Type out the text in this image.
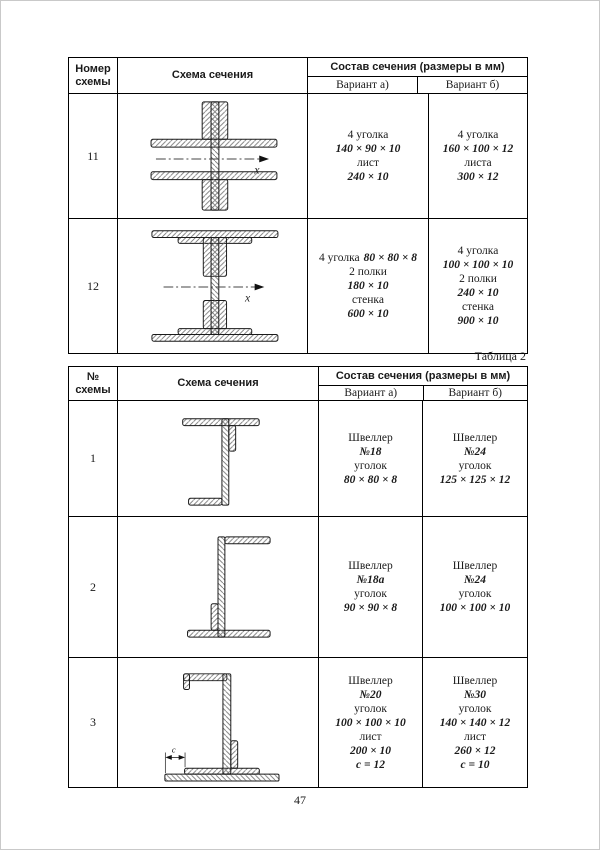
Номер
схемы
Схема сечения
Состав сечения (размеры в мм)
Вариант а)	Вариант б)
11
x
4 уголка
140 × 90 × 10
лист
240 × 10
4 уголка
160 × 100 × 12
листа
300 × 12
12
x
4 уголка 80 × 80 × 8
2 полки
180 × 10
стенка
600 × 10
4 уголка
100 × 100 × 10
2 полки
240 × 10
стенка
900 × 10
Таблица 2
№
схемы
Схема сечения
Состав сечения (размеры в мм)
Вариант а)	Вариант б)
1
Швеллер
№18
уголок
80 × 80 × 8
Швеллер
№24
уголок
125 × 125 × 12
2
Швеллер
№18а
уголок
90 × 90 × 8
Швеллер
№24
уголок
100 × 100 × 10
3
c
Швеллер
№20
уголок
100 × 100 × 10
лист
200 × 10
с = 12
Швеллер
№30
уголок
140 × 140 × 12
лист
260 × 12
с = 10
47
